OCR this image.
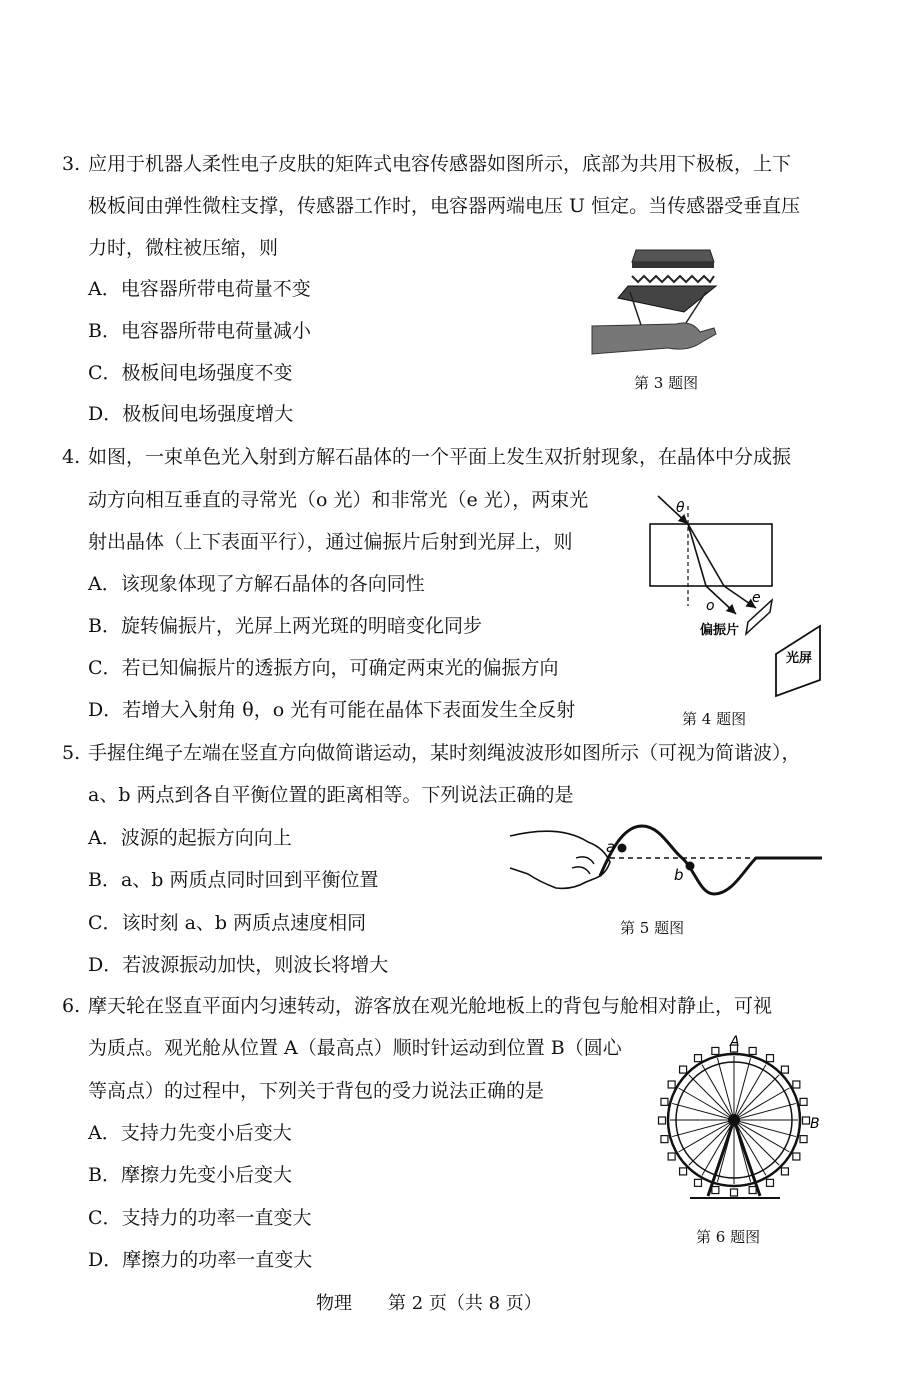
3. 应用于机器人柔性电子皮肤的矩阵式电容传感器如图所示，底部为共用下极板，上下
极板间由弹性微柱支撑，传感器工作时，电容器两端电压 U 恒定。当传感器受垂直压
力时，微柱被压缩，则
A．电容器所带电荷量不变
B．电容器所带电荷量减小
C．极板间电场强度不变
D．极板间电场强度增大
第 3 题图
4. 如图，一束单色光入射到方解石晶体的一个平面上发生双折射现象，在晶体中分成振
动方向相互垂直的寻常光（o 光）和非常光（e 光），两束光
射出晶体（上下表面平行），通过偏振片后射到光屏上，则
A．该现象体现了方解石晶体的各向同性
B．旋转偏振片，光屏上两光斑的明暗变化同步
C．若已知偏振片的透振方向，可确定两束光的偏振方向
D．若增大入射角 θ，o 光有可能在晶体下表面发生全反射
θ
o	e
偏振片
光屏
第 4 题图
5. 手握住绳子左端在竖直方向做简谐运动，某时刻绳波波形如图所示（可视为简谐波），
a、b 两点到各自平衡位置的距离相等。下列说法正确的是
A．波源的起振方向向上
B．a、b 两质点同时回到平衡位置
C．该时刻 a、b 两质点速度相同
D．若波源振动加快，则波长将增大
a
b
第 5 题图
6. 摩天轮在竖直平面内匀速转动，游客放在观光舱地板上的背包与舱相对静止，可视
为质点。观光舱从位置 A（最高点）顺时针运动到位置 B（圆心
等高点）的过程中，下列关于背包的受力说法正确的是
A．支持力先变小后变大
B．摩擦力先变小后变大
C．支持力的功率一直变大
D．摩擦力的功率一直变大
A
B
第 6 题图
物理　　第 2 页（共 8 页）
